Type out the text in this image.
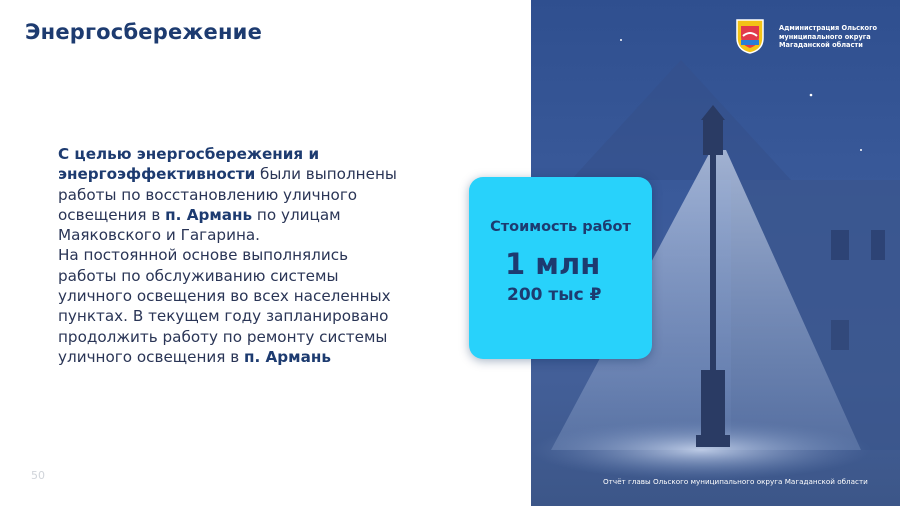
Энергосбережение
С целью энергосбережения и энергоэффективности были выполнены работы по восстановлению уличного освещения в п. Армань по улицам Маяковского и Гагарина.
На постоянной основе выполнялись работы по обслуживанию системы уличного освещения во всех населенных пунктах. В текущем году запланировано продолжить работу по ремонту системы уличного освещения в п. Армань
50
Администрация Ольского муниципального округа Магаданской области
Отчёт главы Ольского муниципального округа Магаданской области
Стоимость работ
1 млн
200 тыс ₽
